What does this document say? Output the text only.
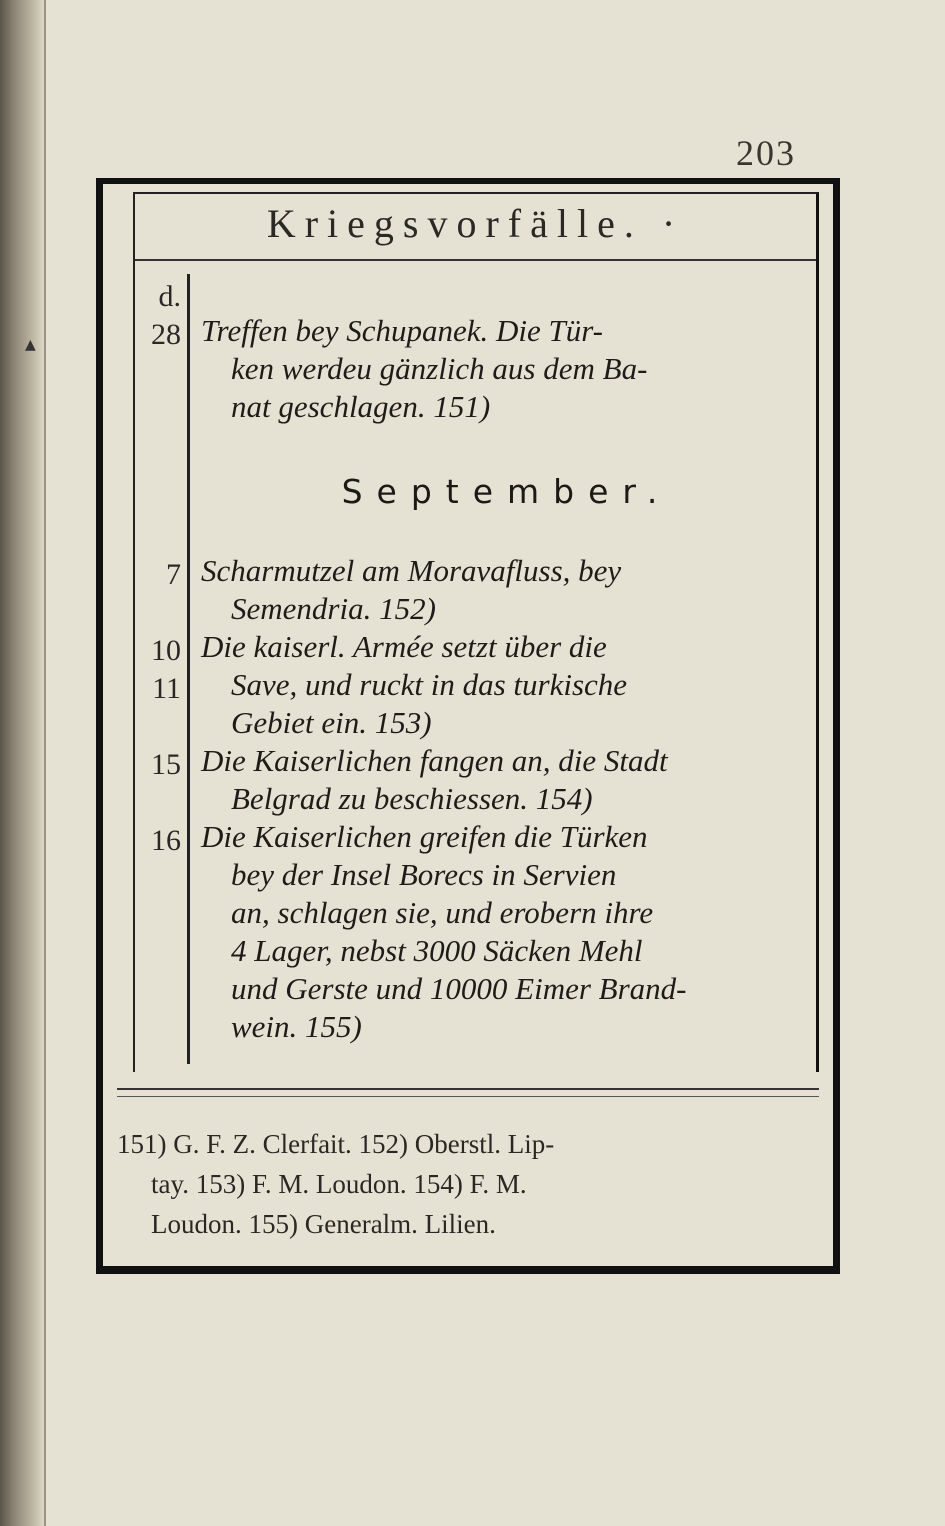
▲
203
Kriegsvorfälle. ·
d.
28 Treffen bey Schupanek. Die Tür-
ken werdeu gänzlich aus dem Ba-
nat geschlagen. 151)
September.
7 Scharmutzel am Moravafluss, bey
Semendria. 152)
10
11
Die kaiserl. Armée setzt über die
Save, und ruckt in das turkische
Gebiet ein. 153)
15 Die Kaiserlichen fangen an, die Stadt
Belgrad zu beschiessen. 154)
16 Die Kaiserlichen greifen die Türken
bey der Insel Borecs in Servien
an, schlagen sie, und erobern ihre
4 Lager, nebst 3000 Säcken Mehl
und Gerste und 10000 Eimer Brand-
wein. 155)
151) G. F. Z. Clerfait. 152) Oberstl. Lip-
tay. 153) F. M. Loudon. 154) F. M.
Loudon. 155) Generalm. Lilien.
